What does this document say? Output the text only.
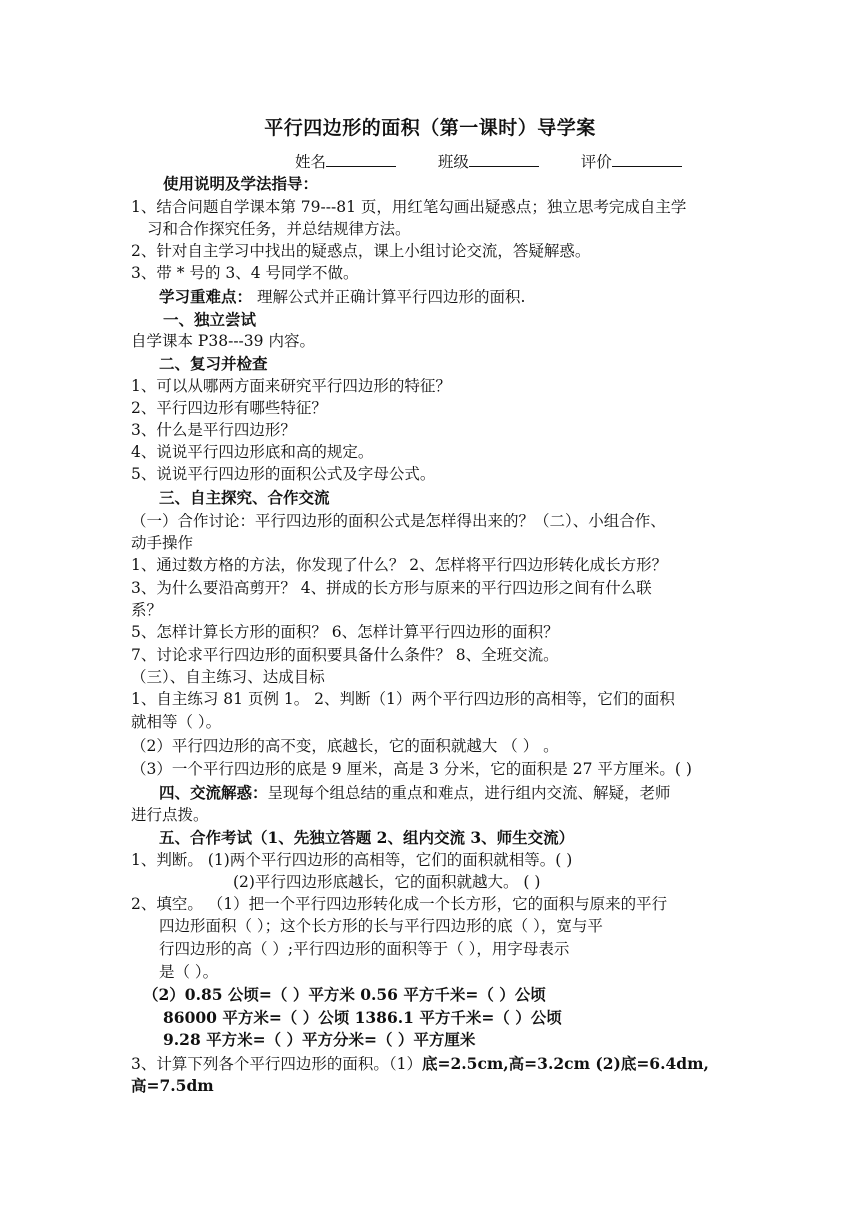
平行四边形的面积（第一课时）导学案
姓名	班级	评价
使用说明及学法指导：
1、结合问题自学课本第 79---81 页，用红笔勾画出疑惑点；独立思考完成自主学
习和合作探究任务，并总结规律方法。
2、针对自主学习中找出的疑惑点，课上小组讨论交流，答疑解惑。
3、带 * 号的 3、4 号同学不做。
学习重难点： 理解公式并正确计算平行四边形的面积.
一、独立尝试
自学课本 P38---39 内容。
二、复习并检查
1、可以从哪两方面来研究平行四边形的特征？
2、平行四边形有哪些特征？
3、什么是平行四边形？
4、说说平行四边形底和高的规定。
5、说说平行四边形的面积公式及字母公式。
三、自主探究、合作交流
（一）合作讨论：平行四边形的面积公式是怎样得出来的？（二）、小组合作、
动手操作
1、通过数方格的方法，你发现了什么？ 2、怎样将平行四边形转化成长方形？
3、为什么要沿高剪开？ 4、拼成的长方形与原来的平行四边形之间有什么联
系？
5、怎样计算长方形的面积？ 6、怎样计算平行四边形的面积？
7、讨论求平行四边形的面积要具备什么条件？ 8、全班交流。
（三）、自主练习、达成目标
1、自主练习 81 页例 1。 2、判断（1）两个平行四边形的高相等，它们的面积
就相等（ ）。
（2）平行四边形的高不变，底越长，它的面积就越大 （ ） 。
（3）一个平行四边形的底是 9 厘米，高是 3 分米，它的面积是 27 平方厘米。( )
四、交流解惑：呈现每个组总结的重点和难点，进行组内交流、解疑，老师
进行点拨。
五、合作考试（1、先独立答题 2、组内交流 3、师生交流）
1、判断。 (1)两个平行四边形的高相等，它们的面积就相等。( )
(2)平行四边形底越长，它的面积就越大。 ( )
2、填空。 （1）把一个平行四边形转化成一个长方形，它的面积与原来的平行
四边形面积（ ）；这个长方形的长与平行四边形的底（ ），宽与平
行四边形的高（ ）;平行四边形的面积等于（ ），用字母表示
是（ ）。
（2）0.85 公顷=（ ）平方米 0.56 平方千米=（ ）公顷
86000 平方米=（ ）公顷 1386.1 平方千米=（ ）公顷
9.28 平方米=（ ）平方分米=（ ）平方厘米
3、计算下列各个平行四边形的面积。（1）底=2.5cm,高=3.2cm (2)底=6.4dm,
高=7.5dm
